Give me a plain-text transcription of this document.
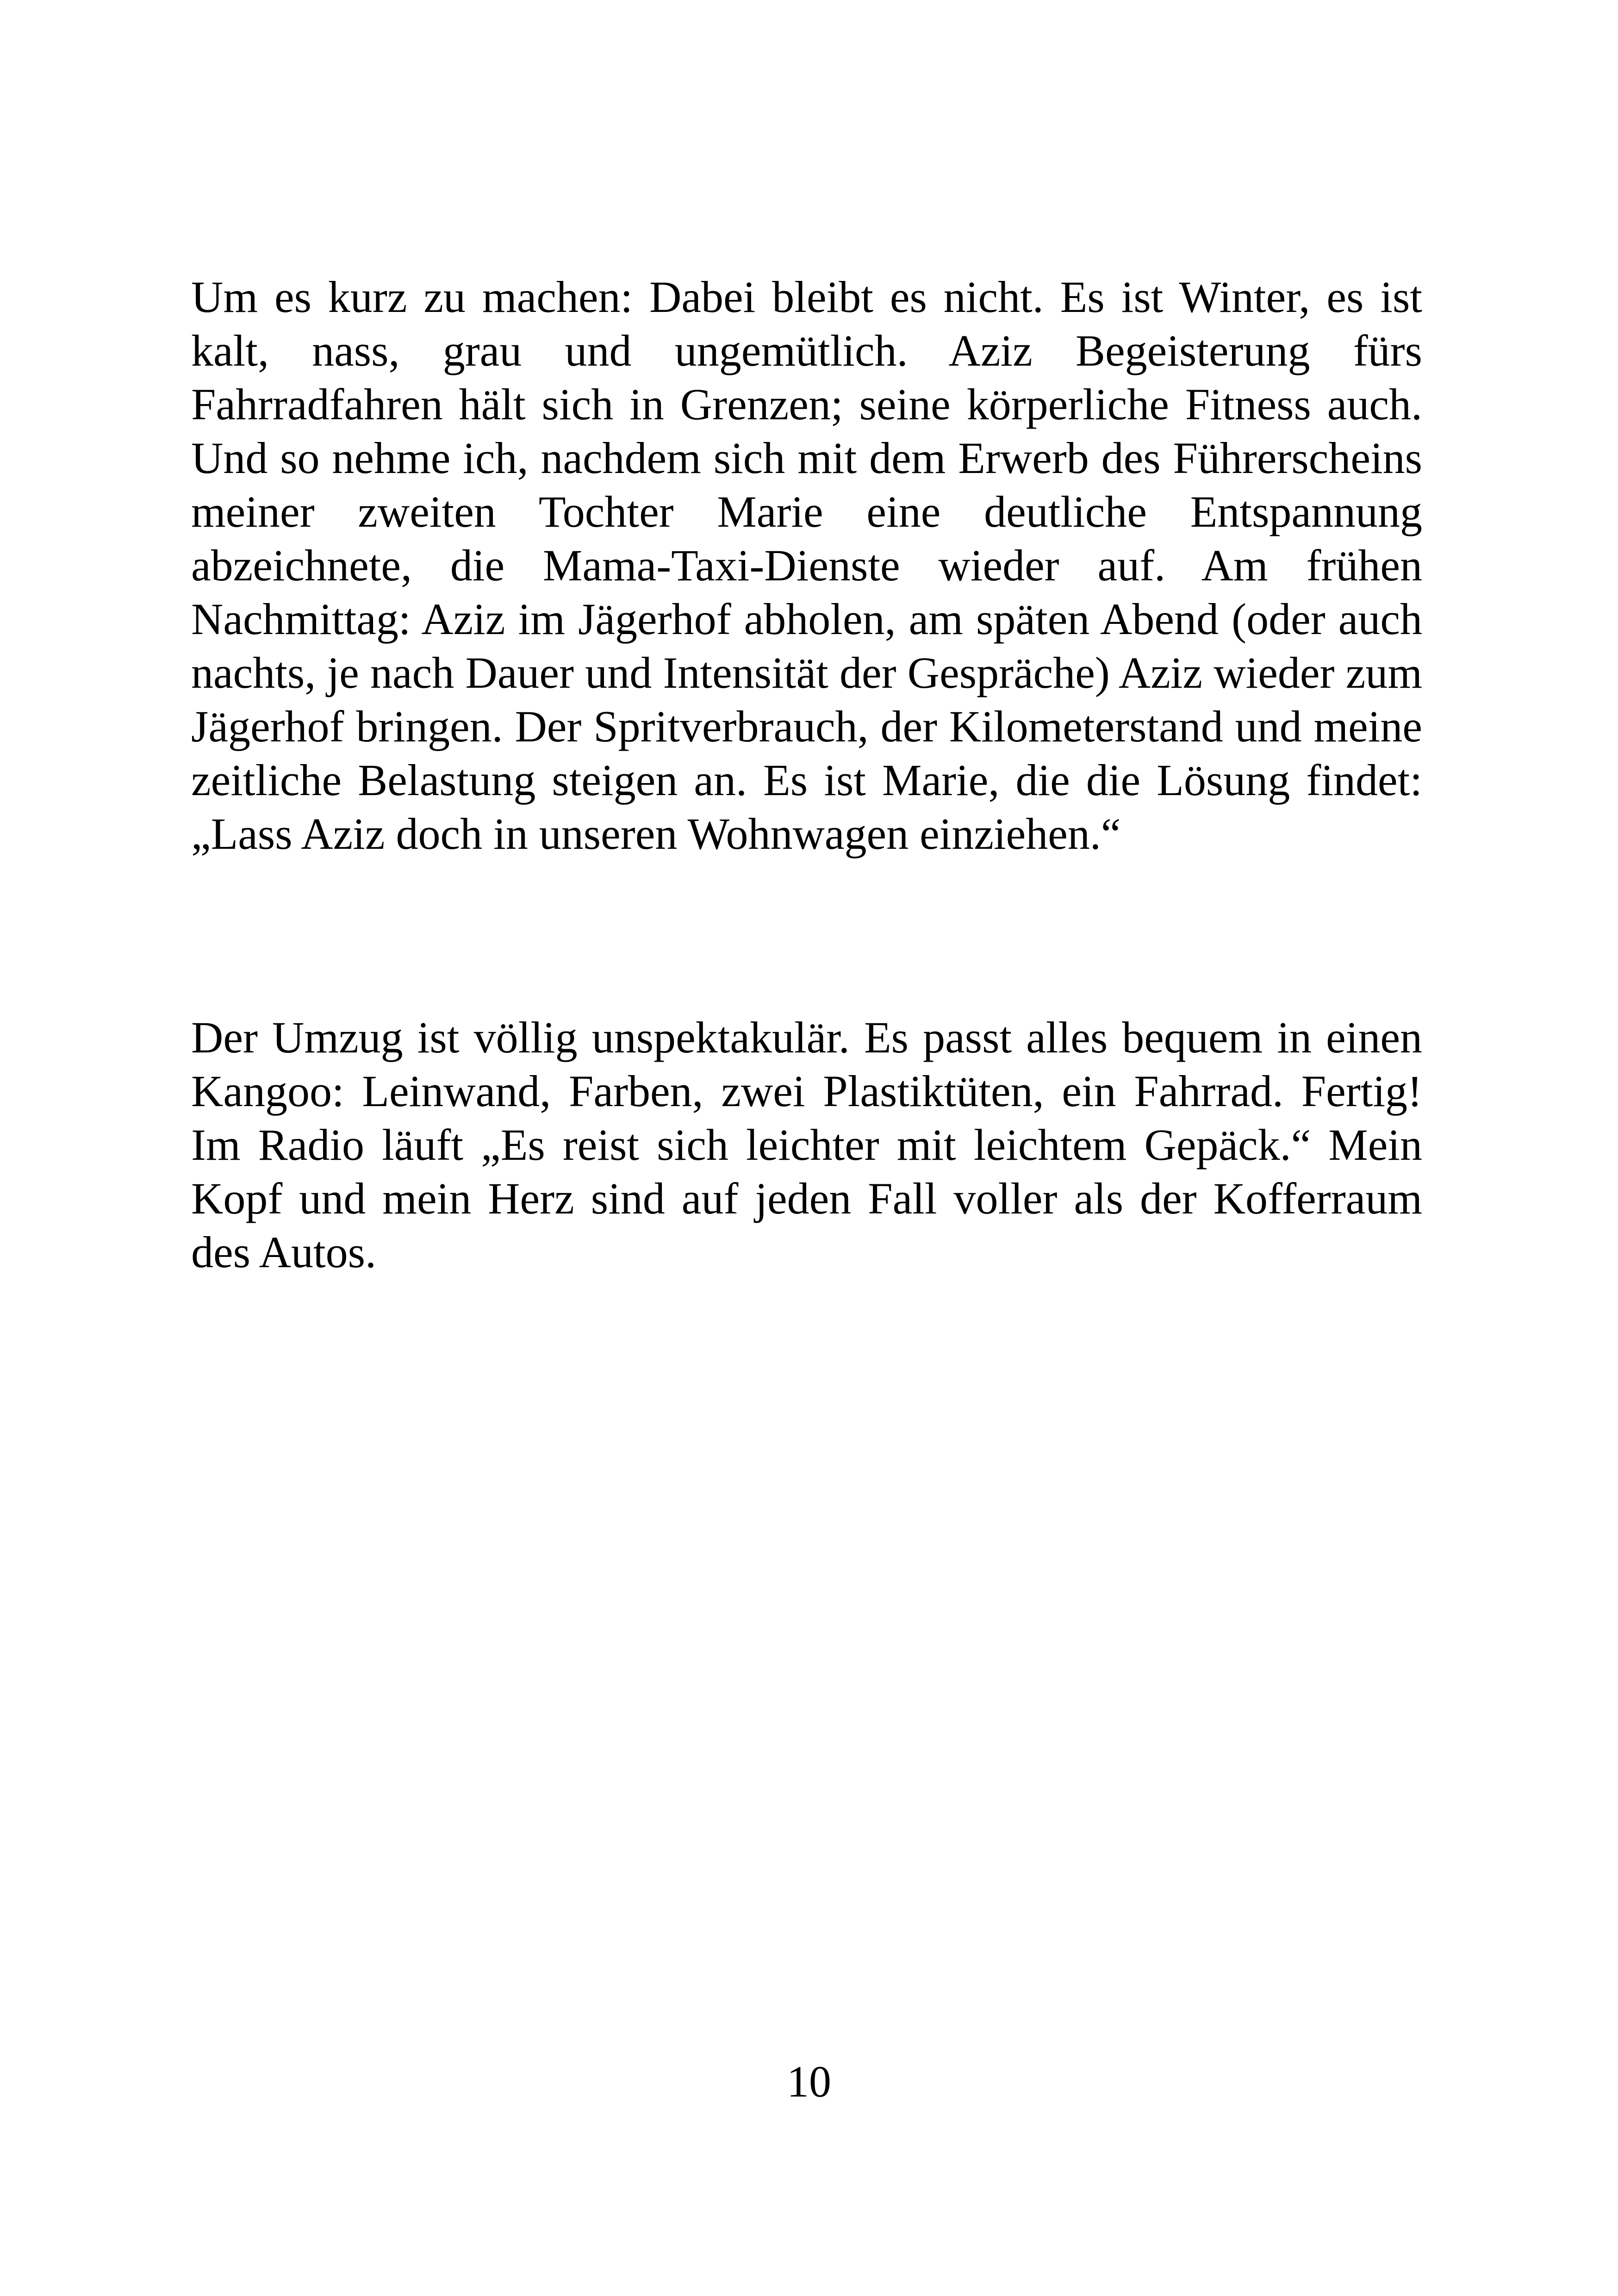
Um es kurz zu machen: Dabei bleibt es nicht. Es ist Winter, es ist kalt, nass, grau und ungemütlich. Aziz Begeisterung fürs Fahrradfahren hält sich in Grenzen; seine körperliche Fitness auch. Und so nehme ich, nachdem sich mit dem Erwerb des Führerscheins meiner zweiten Tochter Marie eine deutliche Entspannung abzeichnete, die Mama-Taxi-Dienste wieder auf. Am frühen Nachmittag: Aziz im Jägerhof abholen, am späten Abend (oder auch nachts, je nach Dauer und Intensität der Gespräche) Aziz wieder zum Jägerhof bringen. Der Spritverbrauch, der Kilometerstand und meine zeitliche Belastung steigen an. Es ist Marie, die die Lösung findet: „Lass Aziz doch in unseren Wohnwagen einziehen.“

Der Umzug ist völlig unspektakulär. Es passt alles bequem in einen Kangoo: Leinwand, Farben, zwei Plastiktüten, ein Fahrrad. Fertig! Im Radio läuft „Es reist sich leichter mit leichtem Gepäck.“ Mein Kopf und mein Herz sind auf jeden Fall voller als der Kofferraum des Autos.

10
